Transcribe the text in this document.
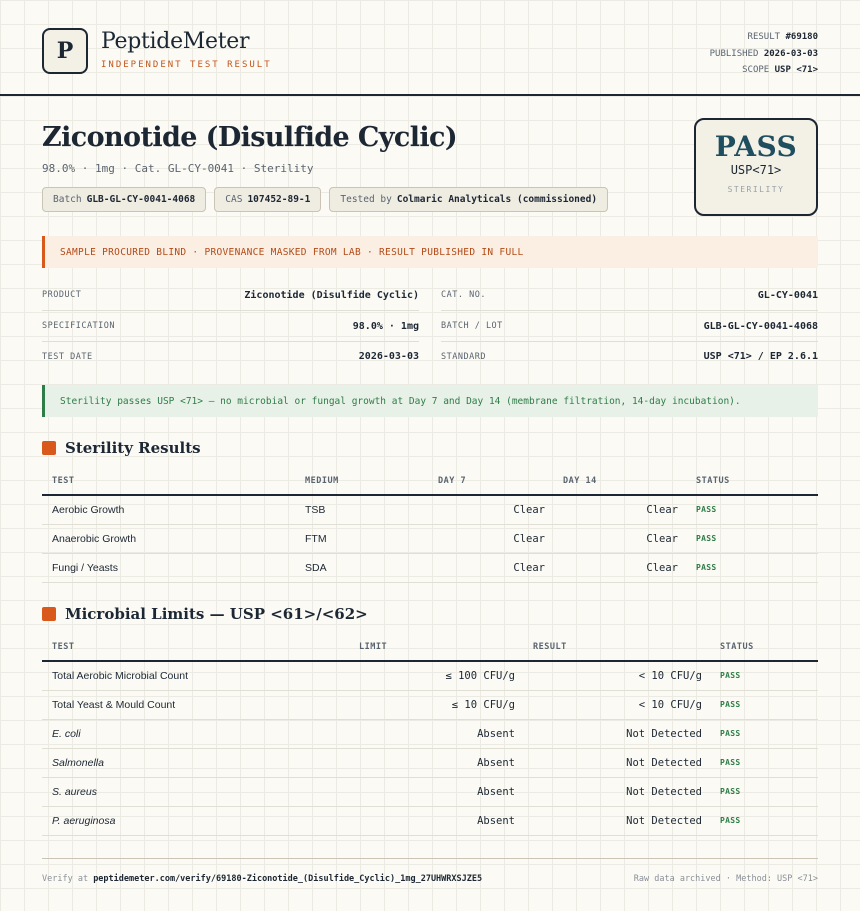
P	PeptideMeter
INDEPENDENT TEST RESULT
RESULT #69180
PUBLISHED 2026-03-03
SCOPE USP <71>
Ziconotide (Disulfide Cyclic)
98.0% · 1mg · Cat. GL-CY-0041 · Sterility
Batch GLB-GL-CY-0041-4068	CAS 107452-89-1	Tested by Colmaric Analyticals (commissioned)
PASS
USP<71>
STERILITY
SAMPLE PROCURED BLIND · PROVENANCE MASKED FROM LAB · RESULT PUBLISHED IN FULL
PRODUCT	Ziconotide (Disulfide Cyclic)	CAT. NO.	GL-CY-0041
SPECIFICATION	98.0% · 1mg	BATCH / LOT	GLB-GL-CY-0041-4068
TEST DATE	2026-03-03	STANDARD	USP <71> / EP 2.6.1
Sterility passes USP <71> — no microbial or fungal growth at Day 7 and Day 14 (membrane filtration, 14-day incubation).
Sterility Results
TEST	MEDIUM	DAY 7	DAY 14	STATUS
Aerobic Growth	TSB	Clear	Clear	PASS
Anaerobic Growth	FTM	Clear	Clear	PASS
Fungi / Yeasts	SDA	Clear	Clear	PASS
Microbial Limits — USP <61>/<62>
TEST	LIMIT	RESULT	STATUS
Total Aerobic Microbial Count	≤ 100 CFU/g	< 10 CFU/g	PASS
Total Yeast & Mould Count	≤ 10 CFU/g	< 10 CFU/g	PASS
E. coli	Absent	Not Detected	PASS
Salmonella	Absent	Not Detected	PASS
S. aureus	Absent	Not Detected	PASS
P. aeruginosa	Absent	Not Detected	PASS
Verify at peptidemeter.com/verify/69180-Ziconotide_(Disulfide_Cyclic)_1mg_27UHWRXSJZE5	Raw data archived · Method: USP <71>
